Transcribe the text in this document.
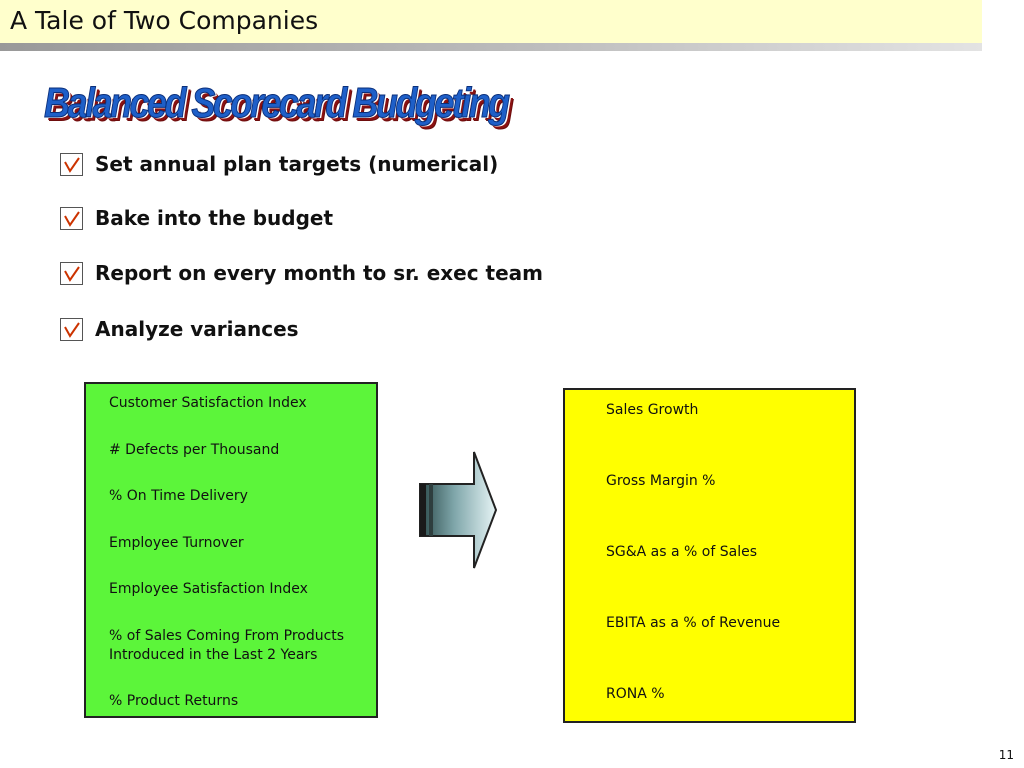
A Tale of Two Companies
Balanced Scorecard Budgeting
Set annual plan targets (numerical)
Bake into the budget
Report on every month to sr. exec team
Analyze variances
Customer Satisfaction Index
# Defects per Thousand
% On Time Delivery
Employee Turnover
Employee Satisfaction Index
% of Sales Coming From Products
Introduced in the Last 2 Years
% Product Returns
Sales Growth
Gross Margin %
SG&A as a % of Sales
EBITA as a % of Revenue
RONA %
11
